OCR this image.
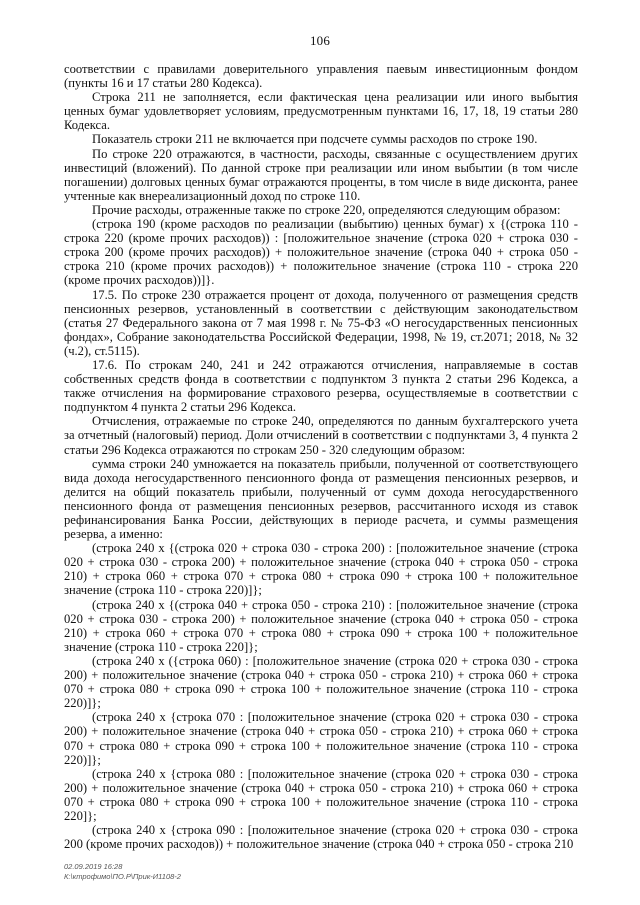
106

соответствии с правилами доверительного управления паевым инвестиционным фондом (пункты 16 и 17 статьи 280 Кодекса).

Строка 211 не заполняется, если фактическая цена реализации или иного выбытия ценных бумаг удовлетворяет условиям, предусмотренным пунктами 16, 17, 18, 19 статьи 280 Кодекса.

Показатель строки 211 не включается при подсчете суммы расходов по строке 190.

По строке 220 отражаются, в частности, расходы, связанные с осуществлением других инвестиций (вложений). По данной строке при реализации или ином выбытии (в том числе погашении) долговых ценных бумаг отражаются проценты, в том числе в виде дисконта, ранее учтенные как внереализационный доход по строке 110.

Прочие расходы, отраженные также по строке 220, определяются следующим образом:

(строка 190 (кроме расходов по реализации (выбытию) ценных бумаг) x {(строка 110 - строка 220 (кроме прочих расходов)) : [положительное значение (строка 020 + строка 030 - строка 200 (кроме прочих расходов)) + положительное значение (строка 040 + строка 050 - строка 210 (кроме прочих расходов)) + положительное значение (строка 110 - строка 220 (кроме прочих расходов))]}.

17.5. По строке 230 отражается процент от дохода, полученного от размещения средств пенсионных резервов, установленный в соответствии с действующим законодательством (статья 27 Федерального закона от 7 мая 1998 г. № 75-ФЗ «О негосударственных пенсионных фондах», Собрание законодательства Российской Федерации, 1998, № 19, ст.2071; 2018, № 32 (ч.2), ст.5115).

17.6. По строкам 240, 241 и 242 отражаются отчисления, направляемые в состав собственных средств фонда в соответствии с подпунктом 3 пункта 2 статьи 296 Кодекса, а также отчисления на формирование страхового резерва, осуществляемые в соответствии с подпунктом 4 пункта 2 статьи 296 Кодекса.

Отчисления, отражаемые по строке 240, определяются по данным бухгалтерского учета за отчетный (налоговый) период. Доли отчислений в соответствии с подпунктами 3, 4 пункта 2 статьи 296 Кодекса отражаются по строкам 250 - 320 следующим образом:

сумма строки 240 умножается на показатель прибыли, полученной от соответствующего вида дохода негосударственного пенсионного фонда от размещения пенсионных резервов, и делится на общий показатель прибыли, полученный от сумм дохода негосударственного пенсионного фонда от размещения пенсионных резервов, рассчитанного исходя из ставок рефинансирования Банка России, действующих в периоде расчета, и суммы размещения резерва, а именно:

(строка 240 x {(строка 020 + строка 030 - строка 200) : [положительное значение (строка 020 + строка 030 - строка 200) + положительное значение (строка 040 + строка 050 - строка 210) + строка 060 + строка 070 + строка 080 + строка 090 + строка 100 + положительное значение (строка 110 - строка 220)]};

(строка 240 x {(строка 040 + строка 050 - строка 210) : [положительное значение (строка 020 + строка 030 - строка 200) + положительное значение (строка 040 + строка 050 - строка 210) + строка 060 + строка 070 + строка 080 + строка 090 + строка 100 + положительное значение (строка 110 - строка 220]};

(строка 240 x ({строка 060) : [положительное значение (строка 020 + строка 030 - строка 200) + положительное значение (строка 040 + строка 050 - строка 210) + строка 060 + строка 070 + строка 080 + строка 090 + строка 100 + положительное значение (строка 110 - строка 220)]};

(строка 240 x {строка 070 : [положительное значение (строка 020 + строка 030 - строка 200) + положительное значение (строка 040 + строка 050 - строка 210) + строка 060 + строка 070 + строка 080 + строка 090 + строка 100 + положительное значение (строка 110 - строка 220)]};

(строка 240 x {строка 080 : [положительное значение (строка 020 + строка 030 - строка 200) + положительное значение (строка 040 + строка 050 - строка 210) + строка 060 + строка 070 + строка 080 + строка 090 + строка 100 + положительное значение (строка 110 - строка 220]};

(строка 240 x {строка 090 : [положительное значение (строка 020 + строка 030 - строка 200 (кроме прочих расходов)) + положительное значение (строка 040 + строка 050 - строка 210

02.09.2019 16:28
К:\ктрофимо\ПО.Р\Прик-И1108-2
